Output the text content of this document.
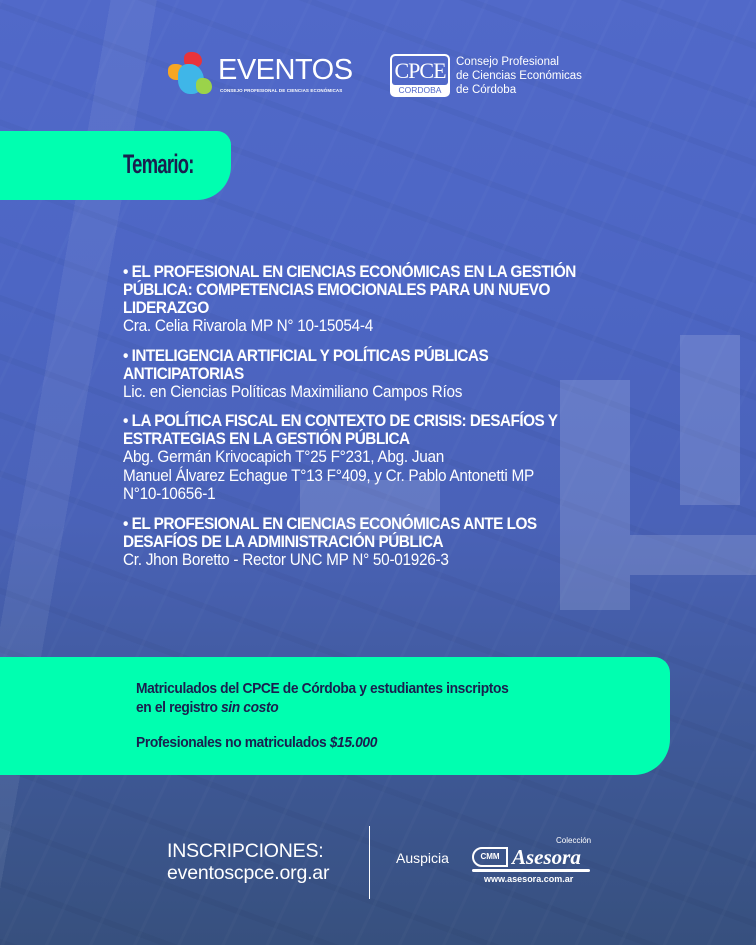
EVENTOS
CONSEJO PROFESIONAL DE CIENCIAS ECONÓMICAS
CPCE
CORDOBA
Consejo Profesional
de Ciencias Económicas
de Córdoba
Temario:
• EL PROFESIONAL EN CIENCIAS ECONÓMICAS EN LA GESTIÓN
PÚBLICA: COMPETENCIAS EMOCIONALES PARA UN NUEVO
LIDERAZGO
Cra. Celia Rivarola MP N° 10-15054-4
• INTELIGENCIA ARTIFICIAL Y POLÍTICAS PÚBLICAS
ANTICIPATORIAS
Lic. en Ciencias Políticas Maximiliano Campos Ríos
• LA POLÍTICA FISCAL EN CONTEXTO DE CRISIS: DESAFÍOS Y
ESTRATEGIAS EN LA GESTIÓN PÚBLICA
Abg. Germán Krivocapich T°25 F°231, Abg. Juan
Manuel Álvarez Echague T°13 F°409, y Cr. Pablo Antonetti MP
N°10-10656-1
• EL PROFESIONAL EN CIENCIAS ECONÓMICAS ANTE LOS
DESAFÍOS DE LA ADMINISTRACIÓN PÚBLICA
Cr. Jhon Boretto - Rector UNC MP N° 50-01926-3
Matriculados del CPCE de Córdoba y estudiantes inscriptos
en el registro sin costo
Profesionales no matriculados $15.000
INSCRIPCIONES:
eventoscpce.org.ar
Auspicia	CMM
Colección
Asesora
www.asesora.com.ar
